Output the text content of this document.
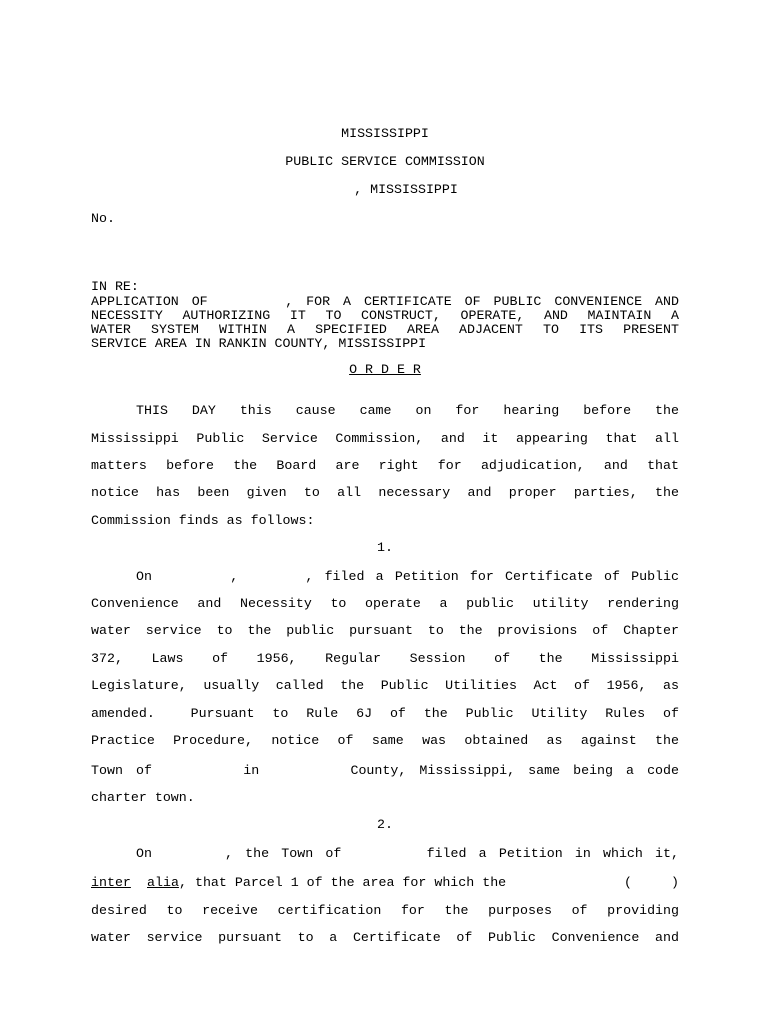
MISSISSIPPI
PUBLIC SERVICE COMMISSION
, MISSISSIPPI
No.
IN RE:
APPLICATION OF      , FOR A CERTIFICATE OF PUBLIC CONVENIENCE AND
NECESSITY AUTHORIZING IT TO CONSTRUCT, OPERATE, AND MAINTAIN A
WATER SYSTEM WITHIN A SPECIFIED AREA ADJACENT TO ITS PRESENT
SERVICE AREA IN RANKIN COUNTY, MISSISSIPPI
O R D E R
THIS DAY this cause came on for hearing before the
Mississippi Public Service Commission, and it appearing that all
matters before the Board are right for adjudication, and that
notice has been given to all necessary and proper parties, the
Commission finds as follows:
1.
On       ,      , filed a Petition for Certificate of Public
Convenience and Necessity to operate a public utility rendering
water service to the public pursuant to the provisions of Chapter
372, Laws of 1956, Regular Session of the Mississippi
Legislature, usually called the Public Utilities Act of 1956, as
amended.  Pursuant to Rule 6J of the Public Utility Rules of
Practice Procedure, notice of same was obtained as against the
Town of       in       County, Mississippi, same being a code
charter town.
2.
On      , the Town of       filed a Petition in which it,
inter alia , that Parcel 1 of the area for which the	(	)
desired to receive certification for the purposes of providing
water service pursuant to a Certificate of Public Convenience and
